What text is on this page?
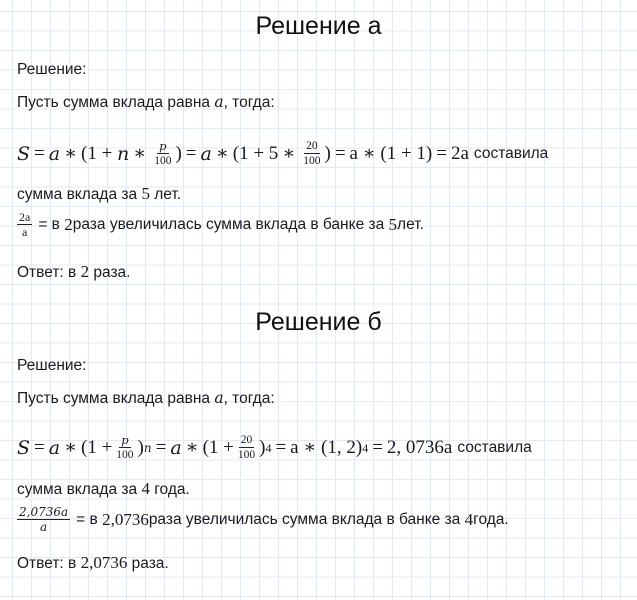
Решение а
Решение:
Пусть сумма вклада равна a, тогда:
S = a ∗ (1 +
n ∗ $\frac{p}{100}$ ) = a ∗ (1 + 5 ∗ $\frac{20}{100}$ ) = a ∗ (1 + 1) = 2a составила
сумма вклада за 5 лет.
$\frac{2a}{a} = в$
2 раза увеличилась сумма вклада в банке за
5 лет.
Ответ: в 2 раза.
Решение б
Решение:
Пусть сумма вклада равна a, тогда:
S = a ∗ ($1 + \frac{p}{100}$ ) n = a ∗ ($1 + \frac{20}{100}$ ) 4 = a ∗ (1, 2) 4 = 2, 0736a составила
сумма вклада за 4 года.
$\frac{2,0736a}{a} = в$
2,0736 раза увеличилась сумма вклада в банке за
4 года.
Ответ: в 2,0736 раза.
